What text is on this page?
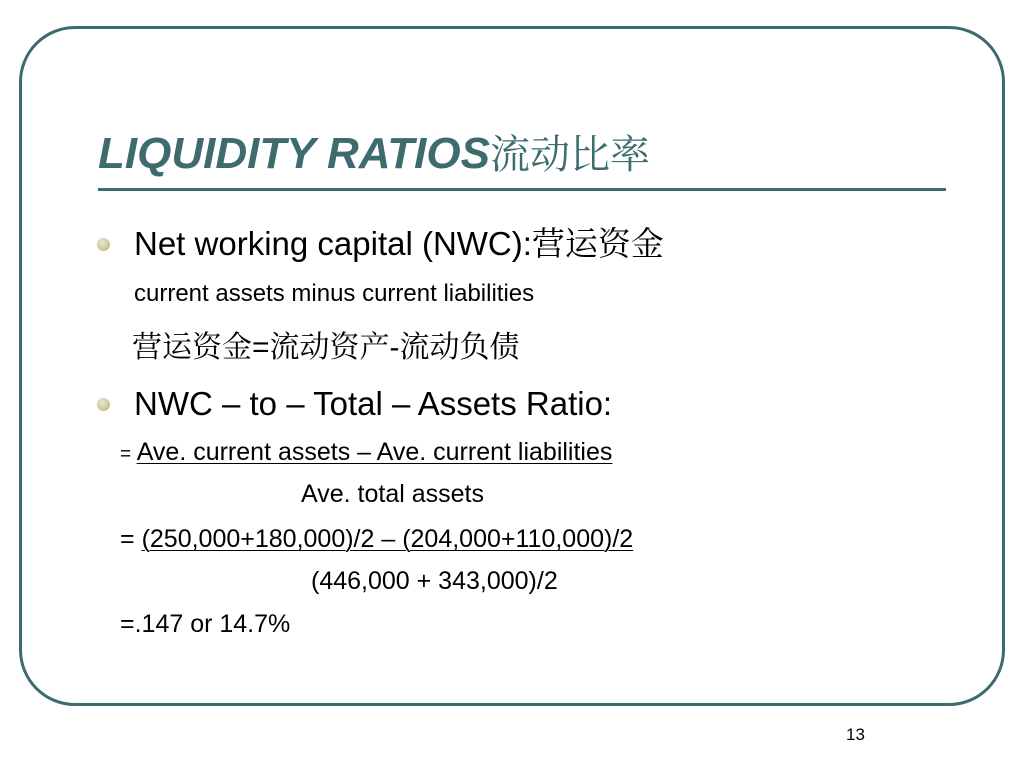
LIQUIDITY RATIOS流动比率
Net working capital (NWC):营运资金
current assets minus current liabilities
营运资金=流动资产-流动负债
NWC – to – Total – Assets Ratio:
= Ave. current assets – Ave. current liabilities
Ave. total assets
= (250,000+180,000)/2 – (204,000+110,000)/2
(446,000 + 343,000)/2
=.147 or 14.7%
13
